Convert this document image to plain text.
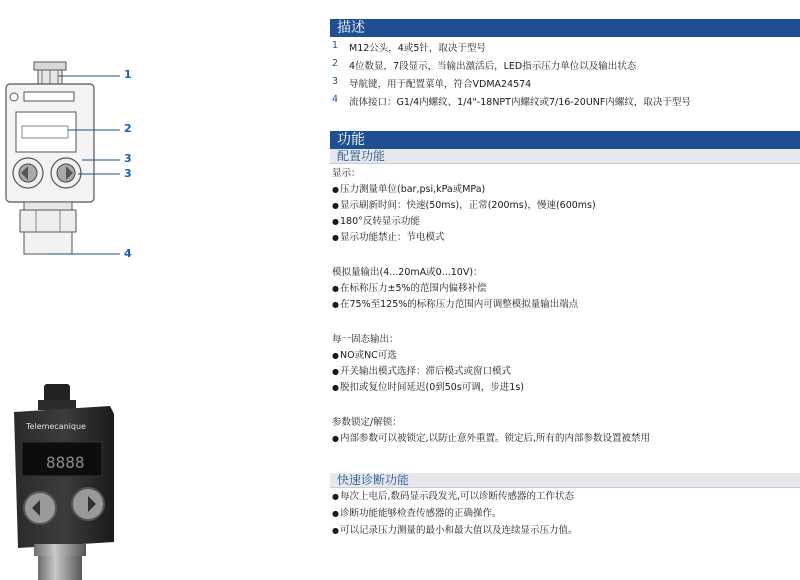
1
2
3
3
4
8888
Telemecanique
描述
1	M12公头，4或5针，取决于型号
2	4位数显，7段显示，当输出激活后，LED指示压力单位以及输出状态
3	导航键，用于配置菜单，符合VDMA24574
4	流体接口：G1/4内螺纹、1/4"-18NPT内螺纹或7/16-20UNF内螺纹，取决于型号
功能
配置功能
显示：
● 压力测量单位(bar,psi,kPa或MPa)
● 显示刷新时间：快速(50ms)，正常(200ms)，慢速(600ms)
● 180°反转显示功能
● 显示功能禁止：节电模式
模拟量输出(4...20mA或0...10V)：
● 在标称压力±5%的范围内偏移补偿
● 在75%至125%的标称压力范围内可调整模拟量输出端点
每一固态输出：
● NO或NC可选
● 开关输出模式选择：滞后模式或窗口模式
● 脱扣或复位时间延迟(0到50s可调，步进1s)
参数锁定/解锁：
● 内部参数可以被锁定,以防止意外重置。锁定后,所有的内部参数设置被禁用
快速诊断功能
● 每次上电后,数码显示段发光,可以诊断传感器的工作状态
● 诊断功能能够检查传感器的正确操作。
● 可以记录压力测量的最小和最大值以及连续显示压力值。
